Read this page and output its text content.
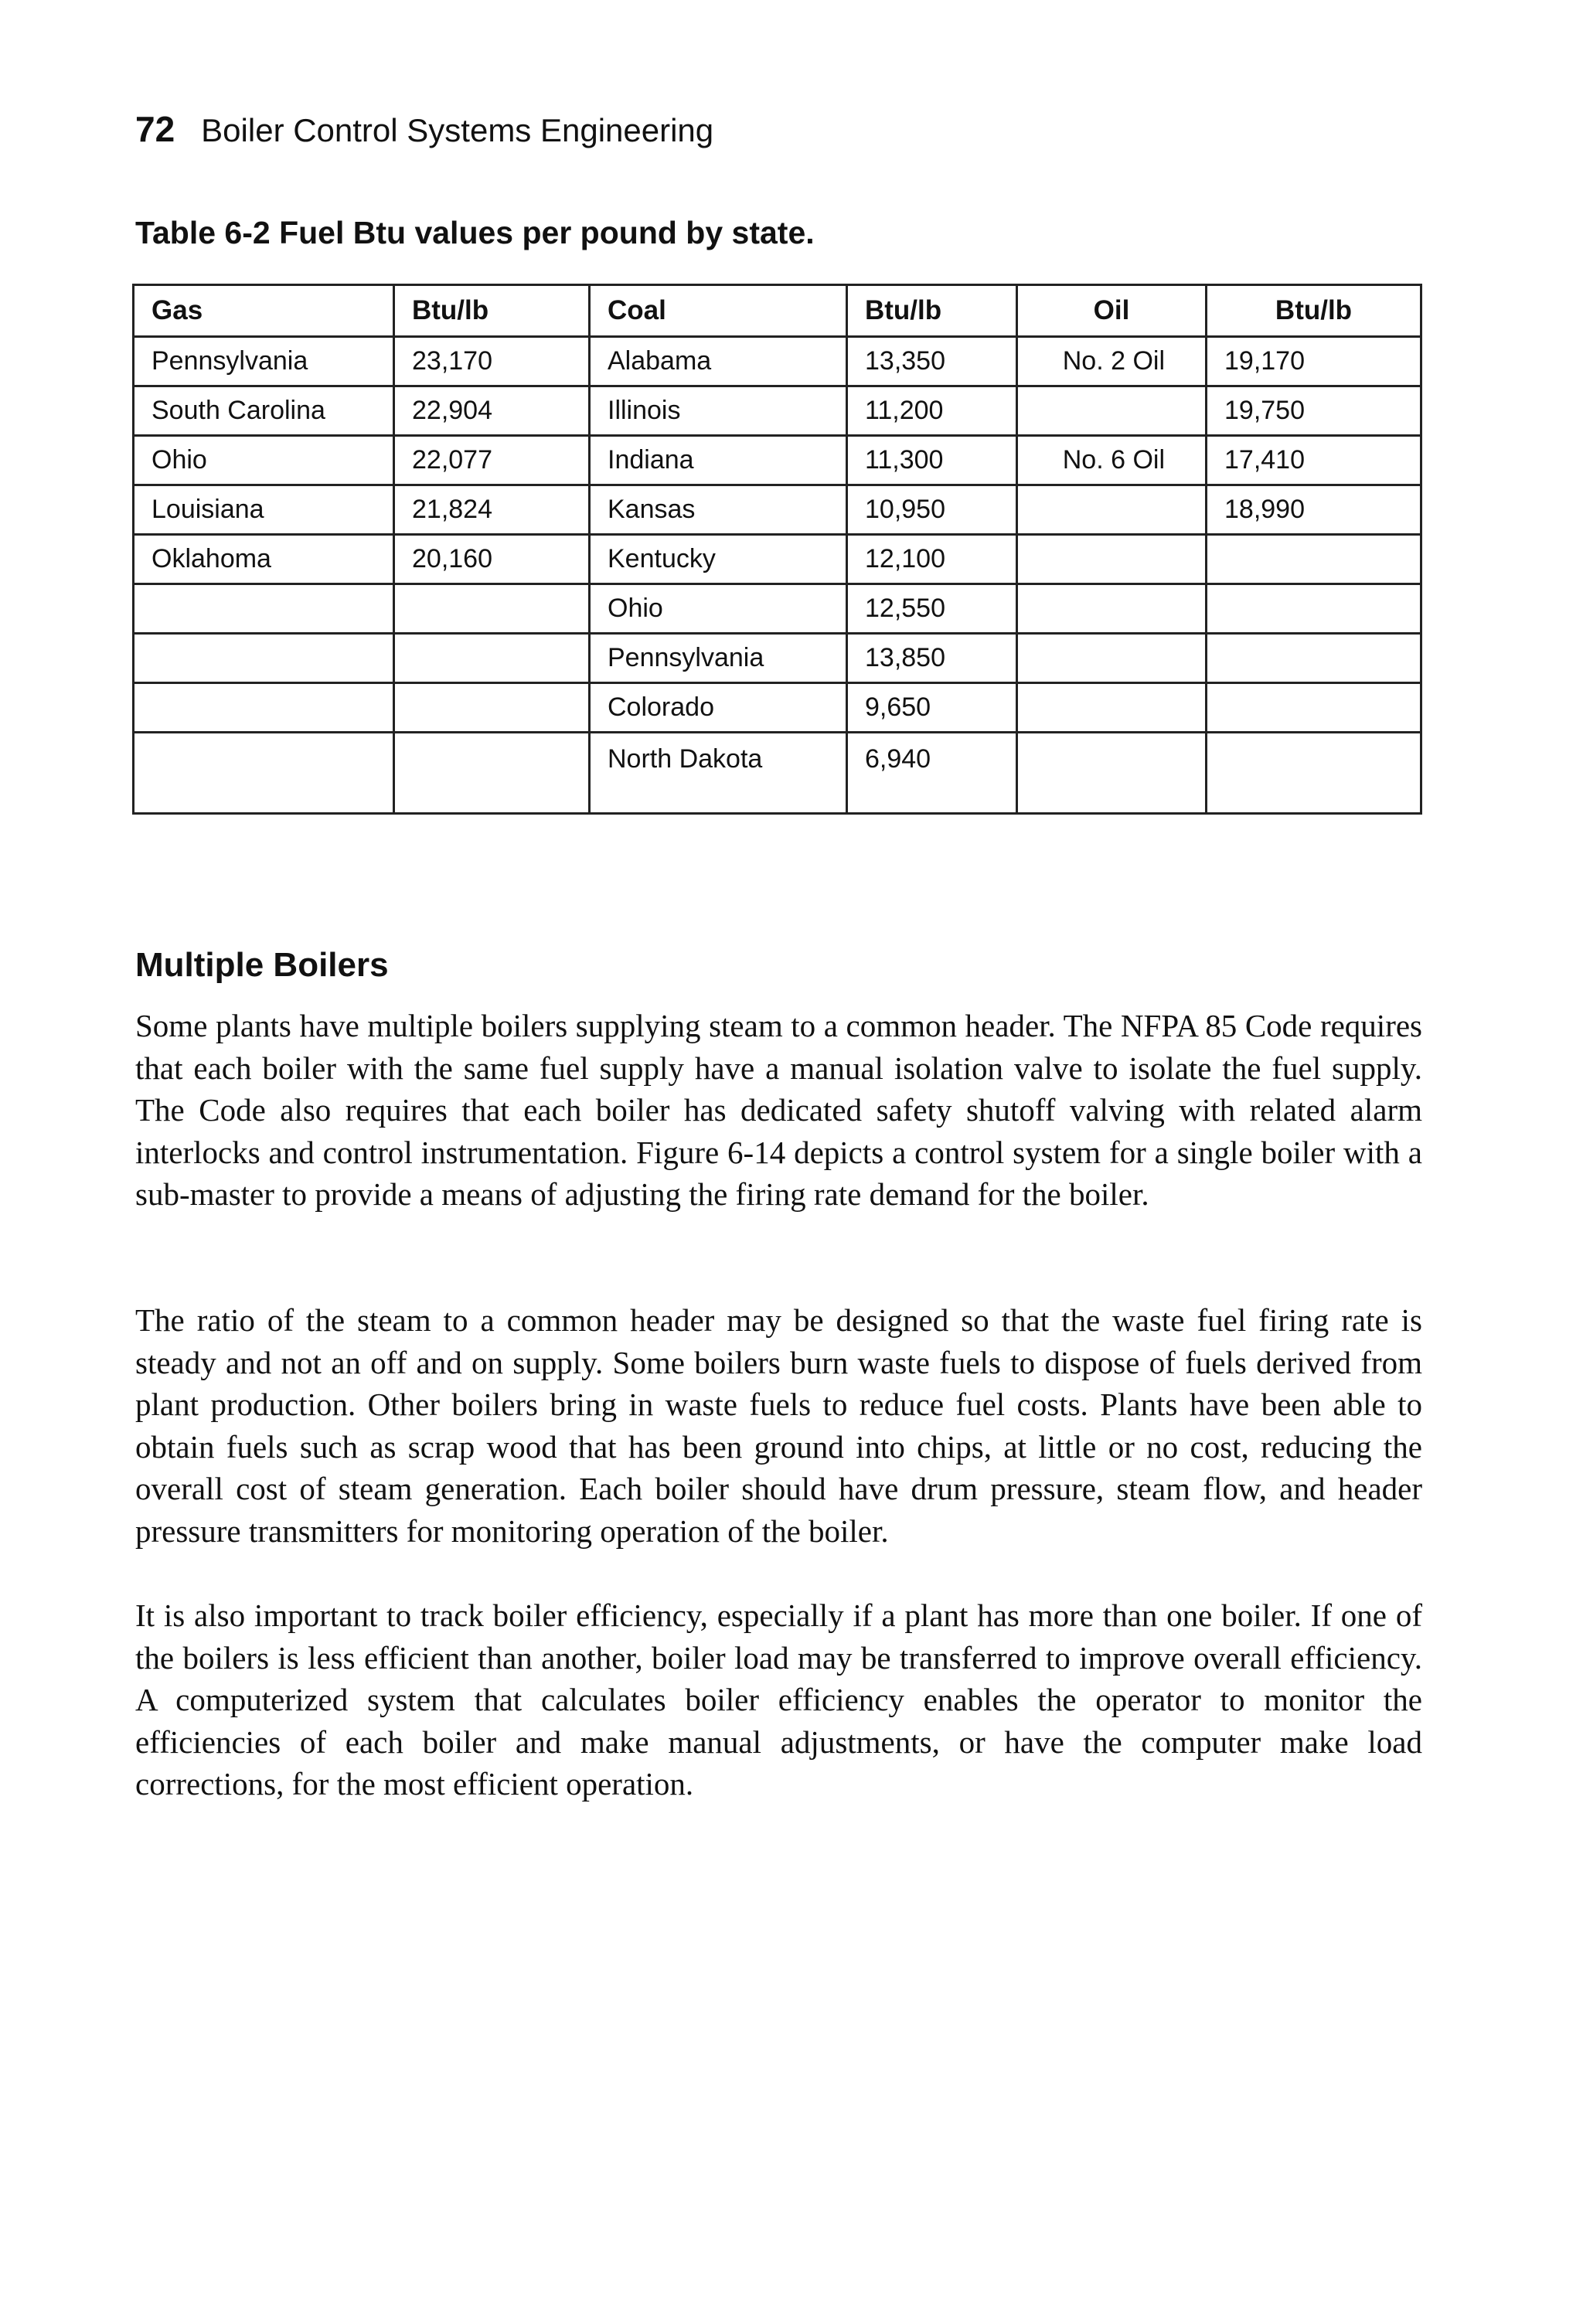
72 Boiler Control Systems Engineering
Table 6-2 Fuel Btu values per pound by state.
Gas	Btu/lb	Coal	Btu/lb	Oil	Btu/lb
Pennsylvania	23,170	Alabama	13,350	No. 2 Oil	19,170
South Carolina	22,904	Illinois	11,200		19,750
Ohio	22,077	Indiana	11,300	No. 6 Oil	17,410
Louisiana	21,824	Kansas	10,950		18,990
Oklahoma	20,160	Kentucky	12,100		
		Ohio	12,550		
		Pennsylvania	13,850		
		Colorado	9,650		
		North Dakota	6,940		
Multiple Boilers

Some plants have multiple boilers supplying steam to a common header. The NFPA 85 Code requires that each boiler with the same fuel supply have a manual isolation valve to isolate the fuel supply. The Code also requires that each boiler has dedicated safety shutoff valving with related alarm interlocks and control instrumentation. Figure 6-14 depicts a control system for a single boiler with a sub-master to provide a means of adjusting the firing rate demand for the boiler.

The ratio of the steam to a common header may be designed so that the waste fuel firing rate is steady and not an off and on supply. Some boilers burn waste fuels to dispose of fuels derived from plant production. Other boilers bring in waste fuels to reduce fuel costs. Plants have been able to obtain fuels such as scrap wood that has been ground into chips, at little or no cost, reducing the overall cost of steam generation. Each boiler should have drum pressure, steam flow, and header pressure transmitters for monitoring operation of the boiler.

It is also important to track boiler efficiency, especially if a plant has more than one boiler. If one of the boilers is less efficient than another, boiler load may be transferred to improve overall efficiency. A computerized system that calculates boiler efficiency enables the operator to monitor the efficiencies of each boiler and make manual adjustments, or have the computer make load corrections, for the most efficient operation.
